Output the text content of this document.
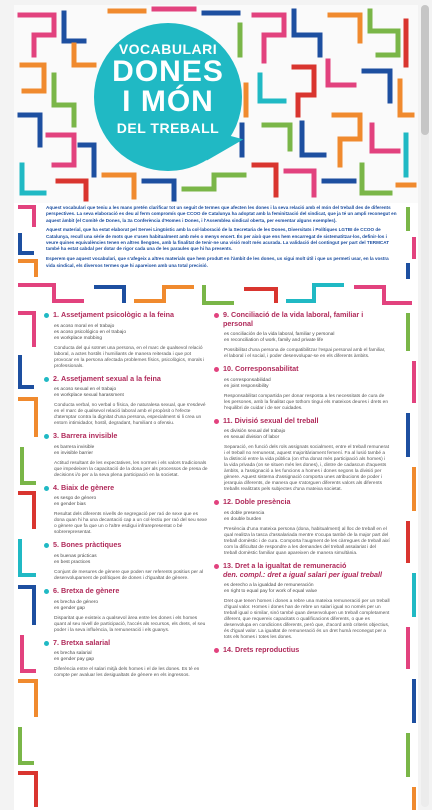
VOCABULARI
DONES
I MÓN
DEL TREBALL

Aquest vocabulari que teniu a les mans pretén clarificar tot un seguit de termes que afecten les dones i la seva relació amb el món del treball des de diferents perspectives. La seva elaboració es deu al ferm compromís que CCOO de Catalunya ha adoptat amb la feminització del sindicat, que ja té un ampli reconegut en aquest àmbit (el Comitè de Dones, la 3a Conferència d'Homes i Dones, i l'Assemblea sindical oberta, per esmentar alguns exemples).

Aquest material, que ha estat elaborat pel Servei Lingüístic amb la col·laboració de la Secretaria de les Dones, Diversitats i Polítiques LGTBI de CCOO de Catalunya, recull una sèrie de mots que s'usen habitualment amb més o menys encert. És per això que ens hem encarregat de sistematitzar-los, definir-los i veure quines equivalències tenen en altres llengües, amb la finalitat de tenir-ne una visió molt més acurada. La validació del contingut per part del TERMCAT també ha estat cabdal per dotar de rigor cada una de les paraules que hi ha presents.

Esperem que aquest vocabulari, que s'afegeix a altres materials que hem produït en l'àmbit de les dones, us sigui molt útil i que us permeti usar, en la vostra vida sindical, els diversos termes que hi apareixen amb una total precisió.

1. Assetjament psicològic a la feina
es acoso moral en el trabajo
es acoso psicológico en el trabajo
en workplace mobbing
Conducta del qui sotmet una persona, en el marc de qualsevol relació laboral, a actes hostils i humiliants de manera reiterada i que pot provocar en la persona afectada problemes físics, psicològics, morals i professionals.
2. Assetjament sexual a la feina
es acoso sexual en el trabajo
en workplace sexual harassment
Conducta verbal, no verbal o física, de naturalesa sexual, que s'esdevé en el marc de qualsevol relació laboral amb el propòsit o l'efecte d'atemptar contra la dignitat d'una persona, especialment si li crea un entorn intimidador, hostil, degradant, humiliant o ofensiu.
3. Barrera invisible
es barrera invisible
en invisible barrier
Actitud resultant de les expectatives, les normes i els valors tradicionals que impedeixen la capacitació de la dona per als processos de presa de decisions i/o per a la seva plena participació en la societat.
4. Biaix de gènere
es sesgo de género
en gender bias
Resultat dels diferents nivells de segregació per raó de sexe que es dona quan hi ha una decantació cap a un col·lectiu per raó del seu sexe o gènere que fa que un o l'altre esdigui infrarepresentat o bé sobrerepresentat.
5. Bones pràctiques
es buenas prácticas
en best practices
Conjunt de mesures de gènere que poden ser referents positius per al desenvolupament de polítiques de dones i d'igualtat de gènere.
6. Bretxa de gènere
es brecha de género
en gender gap
Disparitat que existeix a qualsevol àrea entre les dones i els homes quant al seu nivell de participació, l'accés als recursos, els drets, el seu poder i la seva influència, la remuneració i els guanys.
7. Bretxa salarial
es brecha salarial
en gender pay gap
Diferència entre el salari mitjà dels homes i el de les dones. Es té en compte per avaluar les desigualtats de gènere en els ingressos.
9. Conciliació de la vida laboral, familiar i personal
es conciliación de la vida laboral, familiar y personal
en reconciliation of work, family and private life
Possibilitat d'una persona de compatibilitzar l'espai personal amb el familiar, el laboral i el social, i poder desenvolupar-se en els diferents àmbits.
10. Corresponsabilitat
es corresponsabilidad
en joint responsibility
Responsabilitat compartida per donar resposta a les necessitats de cura de les persones, amb la finalitat que tothom tingui els mateixos deures i drets en l'equilibri de cuidar i de ser cuidades.
11. Divisió sexual del treball
es división sexual del trabajo
en sexual division of labor
Separació, en funció dels rols assignats socialment, entre el treball remunerat i el treball no remunerat, aquest majoritàriament femení. Fa al lusió també a la distinció entre la vida pública (on s'ha donat més participació als homes) i la vida privada (on se situen més les dones), i, dintre de cadascun d'aquests àmbits, a l'assignació a les funcions a homes i dones segons la divisió per gènere. Aquest sistema d'assignació comporta unes atribucions de poder i jerarquia diferents, de manera que s'atorguen diferents valors als diferents treballs realitzats pels subjectes d'una mateixa societat.
12. Doble presència
es doble presencia
en double burden
Presència d'una mateixa persona (dona, habitualment) al lloc de treball en el qual realitza la tasca d'assalariada mentre s'ocupa també de la major part del treball domèstic i de cura. Comporta l'augment de les càrregues de treball així com la dificultat de respondre a les demandes del treball assalariat i del treball domèstic familiar quan apareixen de manera simultània.
13. Dret a la igualtat de remuneració
den. compl.: dret a igual salari per igual treball
es derecho a la igualdad de remuneración
en right to equal pay for work of equal value
Dret que tenen homes i dones a rebre una mateixa remuneració per un treball d'igual valor. Homes i dones han de rebre un salari igual no només per un treball igual o similar, sinó també quan desenvolupen un treball completament diferent, que requereix capacitats o qualificacions diferents, o que es desenvolupa en condicions diferents, però que, d'acord amb criteris objectius, és d'igual valor. La igualtat de remuneració és un dret humà reconegut per a tots els homes i totes les dones.
14. Drets reproductius
